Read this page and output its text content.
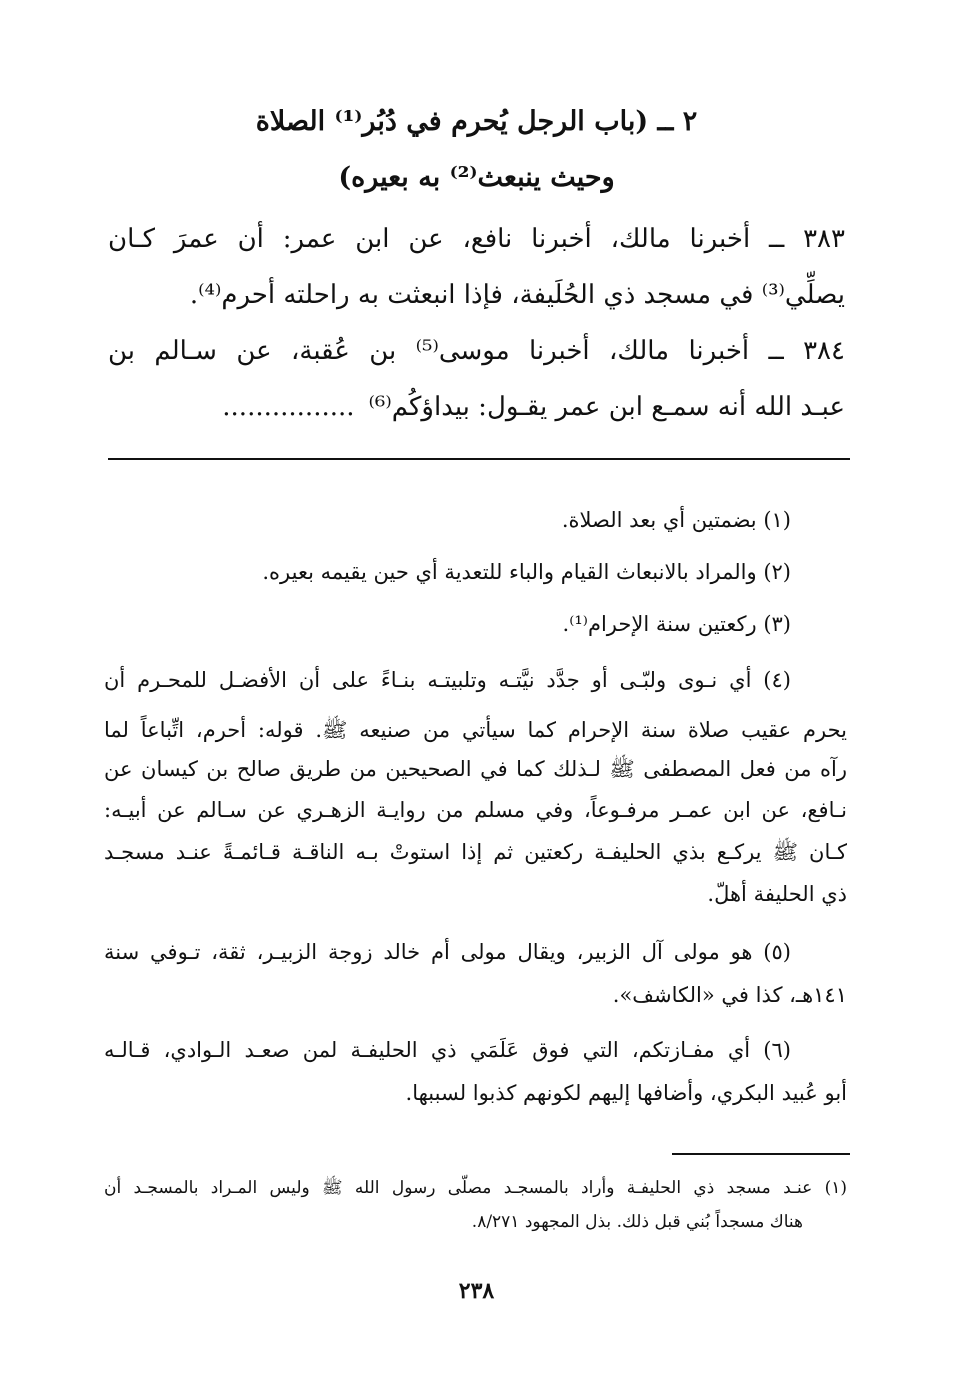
٢ ــ (باب الرجل يُحرم في دُبُر⁽¹⁾ الصلاة
وحيث ينبعث⁽²⁾ به بعيره)
٣٨٣ ــ أخبرنا مالك، أخبرنا نافع، عن ابن عمر: أن عمرَ كـان
يصلِّي⁽³⁾ في مسجد ذي الحُلَيفة، فإذا انبعثت به راحلته أحرم⁽⁴⁾.
٣٨٤ ــ أخبرنا مالك، أخبرنا موسى⁽⁵⁾ بن عُقبة، عن سـالم بن
عبـد الله أنه سمـع ابن عمر يقـول: بيداؤكُم⁽⁶⁾................
(١) بضمتين أي بعد الصلاة.
(٢) والمراد بالانبعاث القيام والباء للتعدية أي حين يقيمه بعيره.
(٣) ركعتين سنة الإحرام⁽¹⁾.
(٤) أي نـوى ولبّـى أو جدَّد نيَّتـه وتلبيتـه بنـاءً على أن الأفضـل للمحـرم أن
يحرم عقيب صلاة سنة الإحرام كما سيأتي من صنيعه ﷺ. قوله: أحرم، اتِّباعاً لما
رآه من فعل المصطفى ﷺ لـذلك كما في الصحيحين من طريق صالح بن كيسان عن
نـافع، عن ابن عمـر مرفـوعاً، وفي مسلم من روايـة الزهـري عن سـالم عن أبيـه:
كـان ﷺ يركـع بذي الحليفـة ركعتين ثم إذا استوتْ بـه الناقـة قـائمـةً عنـد مسجـد
ذي الحليفة أهلّ.
(٥) هو مولى آل الزبير، ويقال مولى أم خالد زوجة الزبيـر، ثقة، تـوفي سنة
١٤١هـ، كذا في «الكاشف».
(٦) أي مفـازتكم، التي فوق عَلَمَي ذي الحليفـة لمن صعـد الـوادي، قـالـه
أبو عُبيد البكري، وأضافها إليهم لكونهم كذبوا لسببها.
(١) عنـد مسجد ذي الحليفـة وأراد بالمسجـد مصلّى رسول الله ﷺ وليس المـراد بالمسجـد أن
هناك مسجداً بُني قبل ذلك. بذل المجهود ٨/٢٧١.
٢٣٨
